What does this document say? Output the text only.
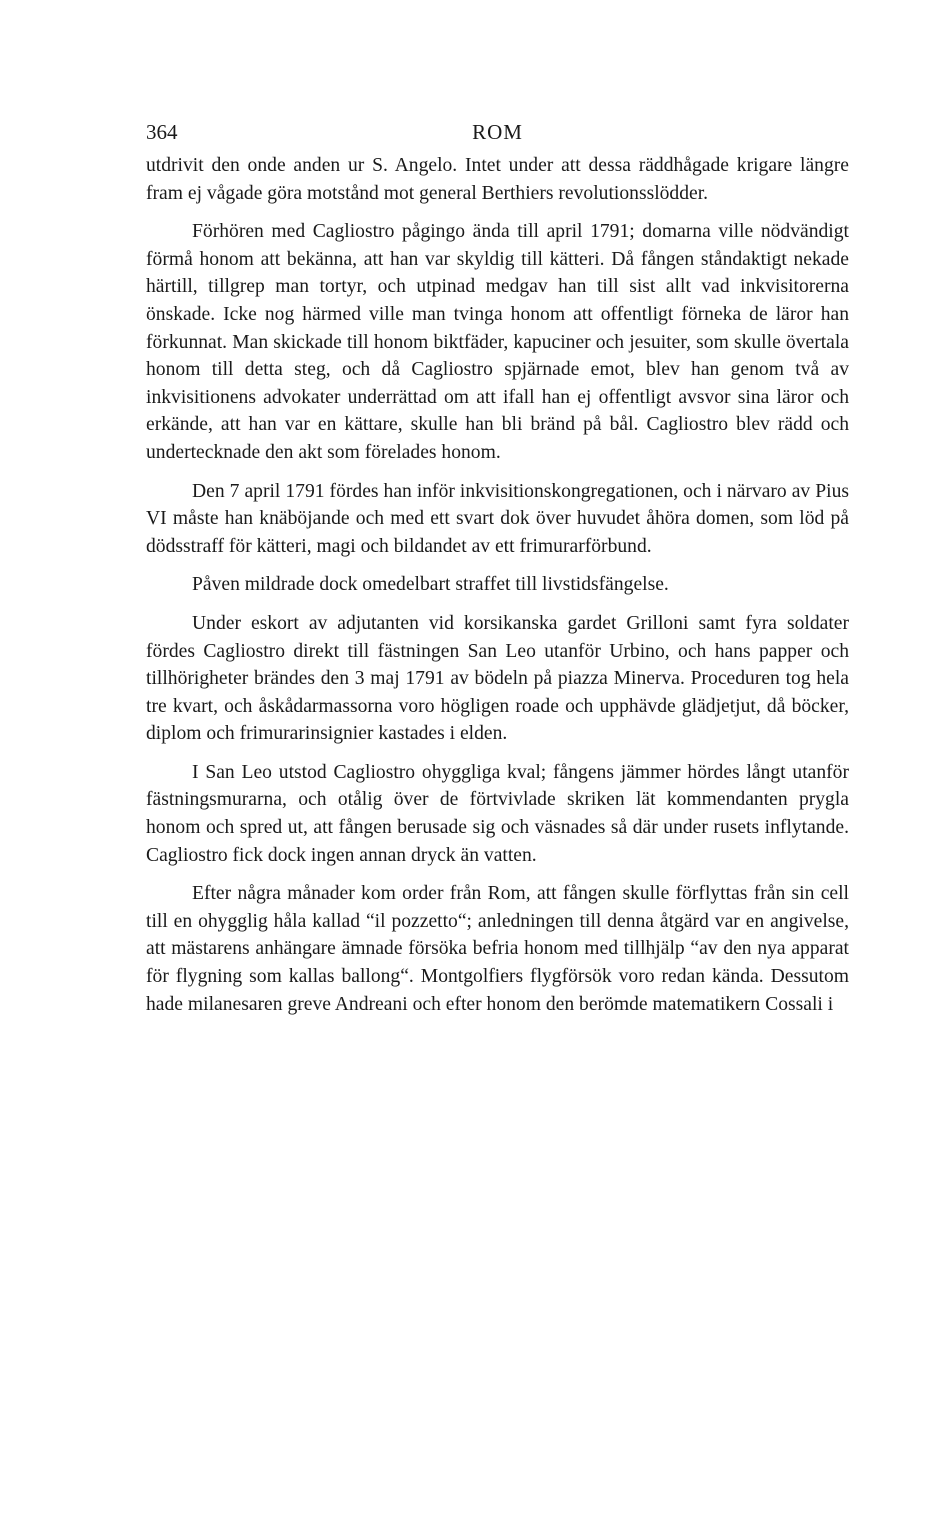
364	ROM

utdrivit den onde anden ur S. Angelo. Intet under att dessa räddhågade krigare längre fram ej vågade göra motstånd mot general Berthiers revolutionsslödder.

Förhören med Cagliostro pågingo ända till april 1791; domarna ville nödvändigt förmå honom att bekänna, att han var skyldig till kätteri. Då fången ståndaktigt nekade härtill, tillgrep man tortyr, och utpinad medgav han till sist allt vad inkvisitorerna önskade. Icke nog härmed ville man tvinga honom att offentligt förneka de läror han förkunnat. Man skickade till honom biktfäder, kapuciner och jesuiter, som skulle övertala honom till detta steg, och då Cagliostro spjärnade emot, blev han genom två av inkvisitionens advokater underrättad om att ifall han ej offentligt avsvor sina läror och erkände, att han var en kättare, skulle han bli bränd på bål. Cagliostro blev rädd och undertecknade den akt som förelades honom.

Den 7 april 1791 fördes han inför inkvisitionskongregationen, och i närvaro av Pius VI måste han knäböjande och med ett svart dok över huvudet åhöra domen, som löd på dödsstraff för kätteri, magi och bildandet av ett frimurarförbund.

Påven mildrade dock omedelbart straffet till livstidsfängelse.

Under eskort av adjutanten vid korsikanska gardet Grilloni samt fyra soldater fördes Cagliostro direkt till fästningen San Leo utanför Urbino, och hans papper och tillhörigheter brändes den 3 maj 1791 av bödeln på piazza Minerva. Proceduren tog hela tre kvart, och åskådarmassorna voro högligen roade och upphävde glädjetjut, då böcker, diplom och frimurarinsignier kastades i elden.

I San Leo utstod Cagliostro ohyggliga kval; fångens jämmer hördes långt utanför fästningsmurarna, och otålig över de förtvivlade skriken lät kommendanten prygla honom och spred ut, att fången berusade sig och väsnades så där under rusets inflytande. Cagliostro fick dock ingen annan dryck än vatten.

Efter några månader kom order från Rom, att fången skulle förflyttas från sin cell till en ohygglig håla kallad “il pozzetto“; anledningen till denna åtgärd var en angivelse, att mästarens anhängare ämnade försöka befria honom med tillhjälp “av den nya apparat för flygning som kallas ballong“. Montgolfiers flygförsök voro redan kända. Dessutom hade milanesaren greve Andreani och efter honom den berömde matematikern Cossali i
